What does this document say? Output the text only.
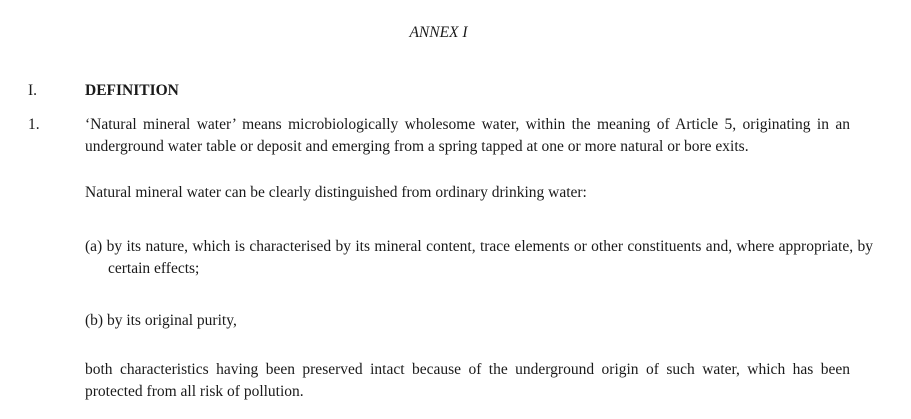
ANNEX I
I.	DEFINITION
1.	‘Natural mineral water’ means microbiologically wholesome water, within the meaning of Article 5, originating in an underground water table or deposit and emerging from a spring tapped at one or more natural or bore exits.
Natural mineral water can be clearly distinguished from ordinary drinking water:
(a) by its nature, which is characterised by its mineral content, trace elements or other constituents and, where appropriate, by certain effects;
(b) by its original purity,
both characteristics having been preserved intact because of the underground origin of such water, which has been protected from all risk of pollution.
